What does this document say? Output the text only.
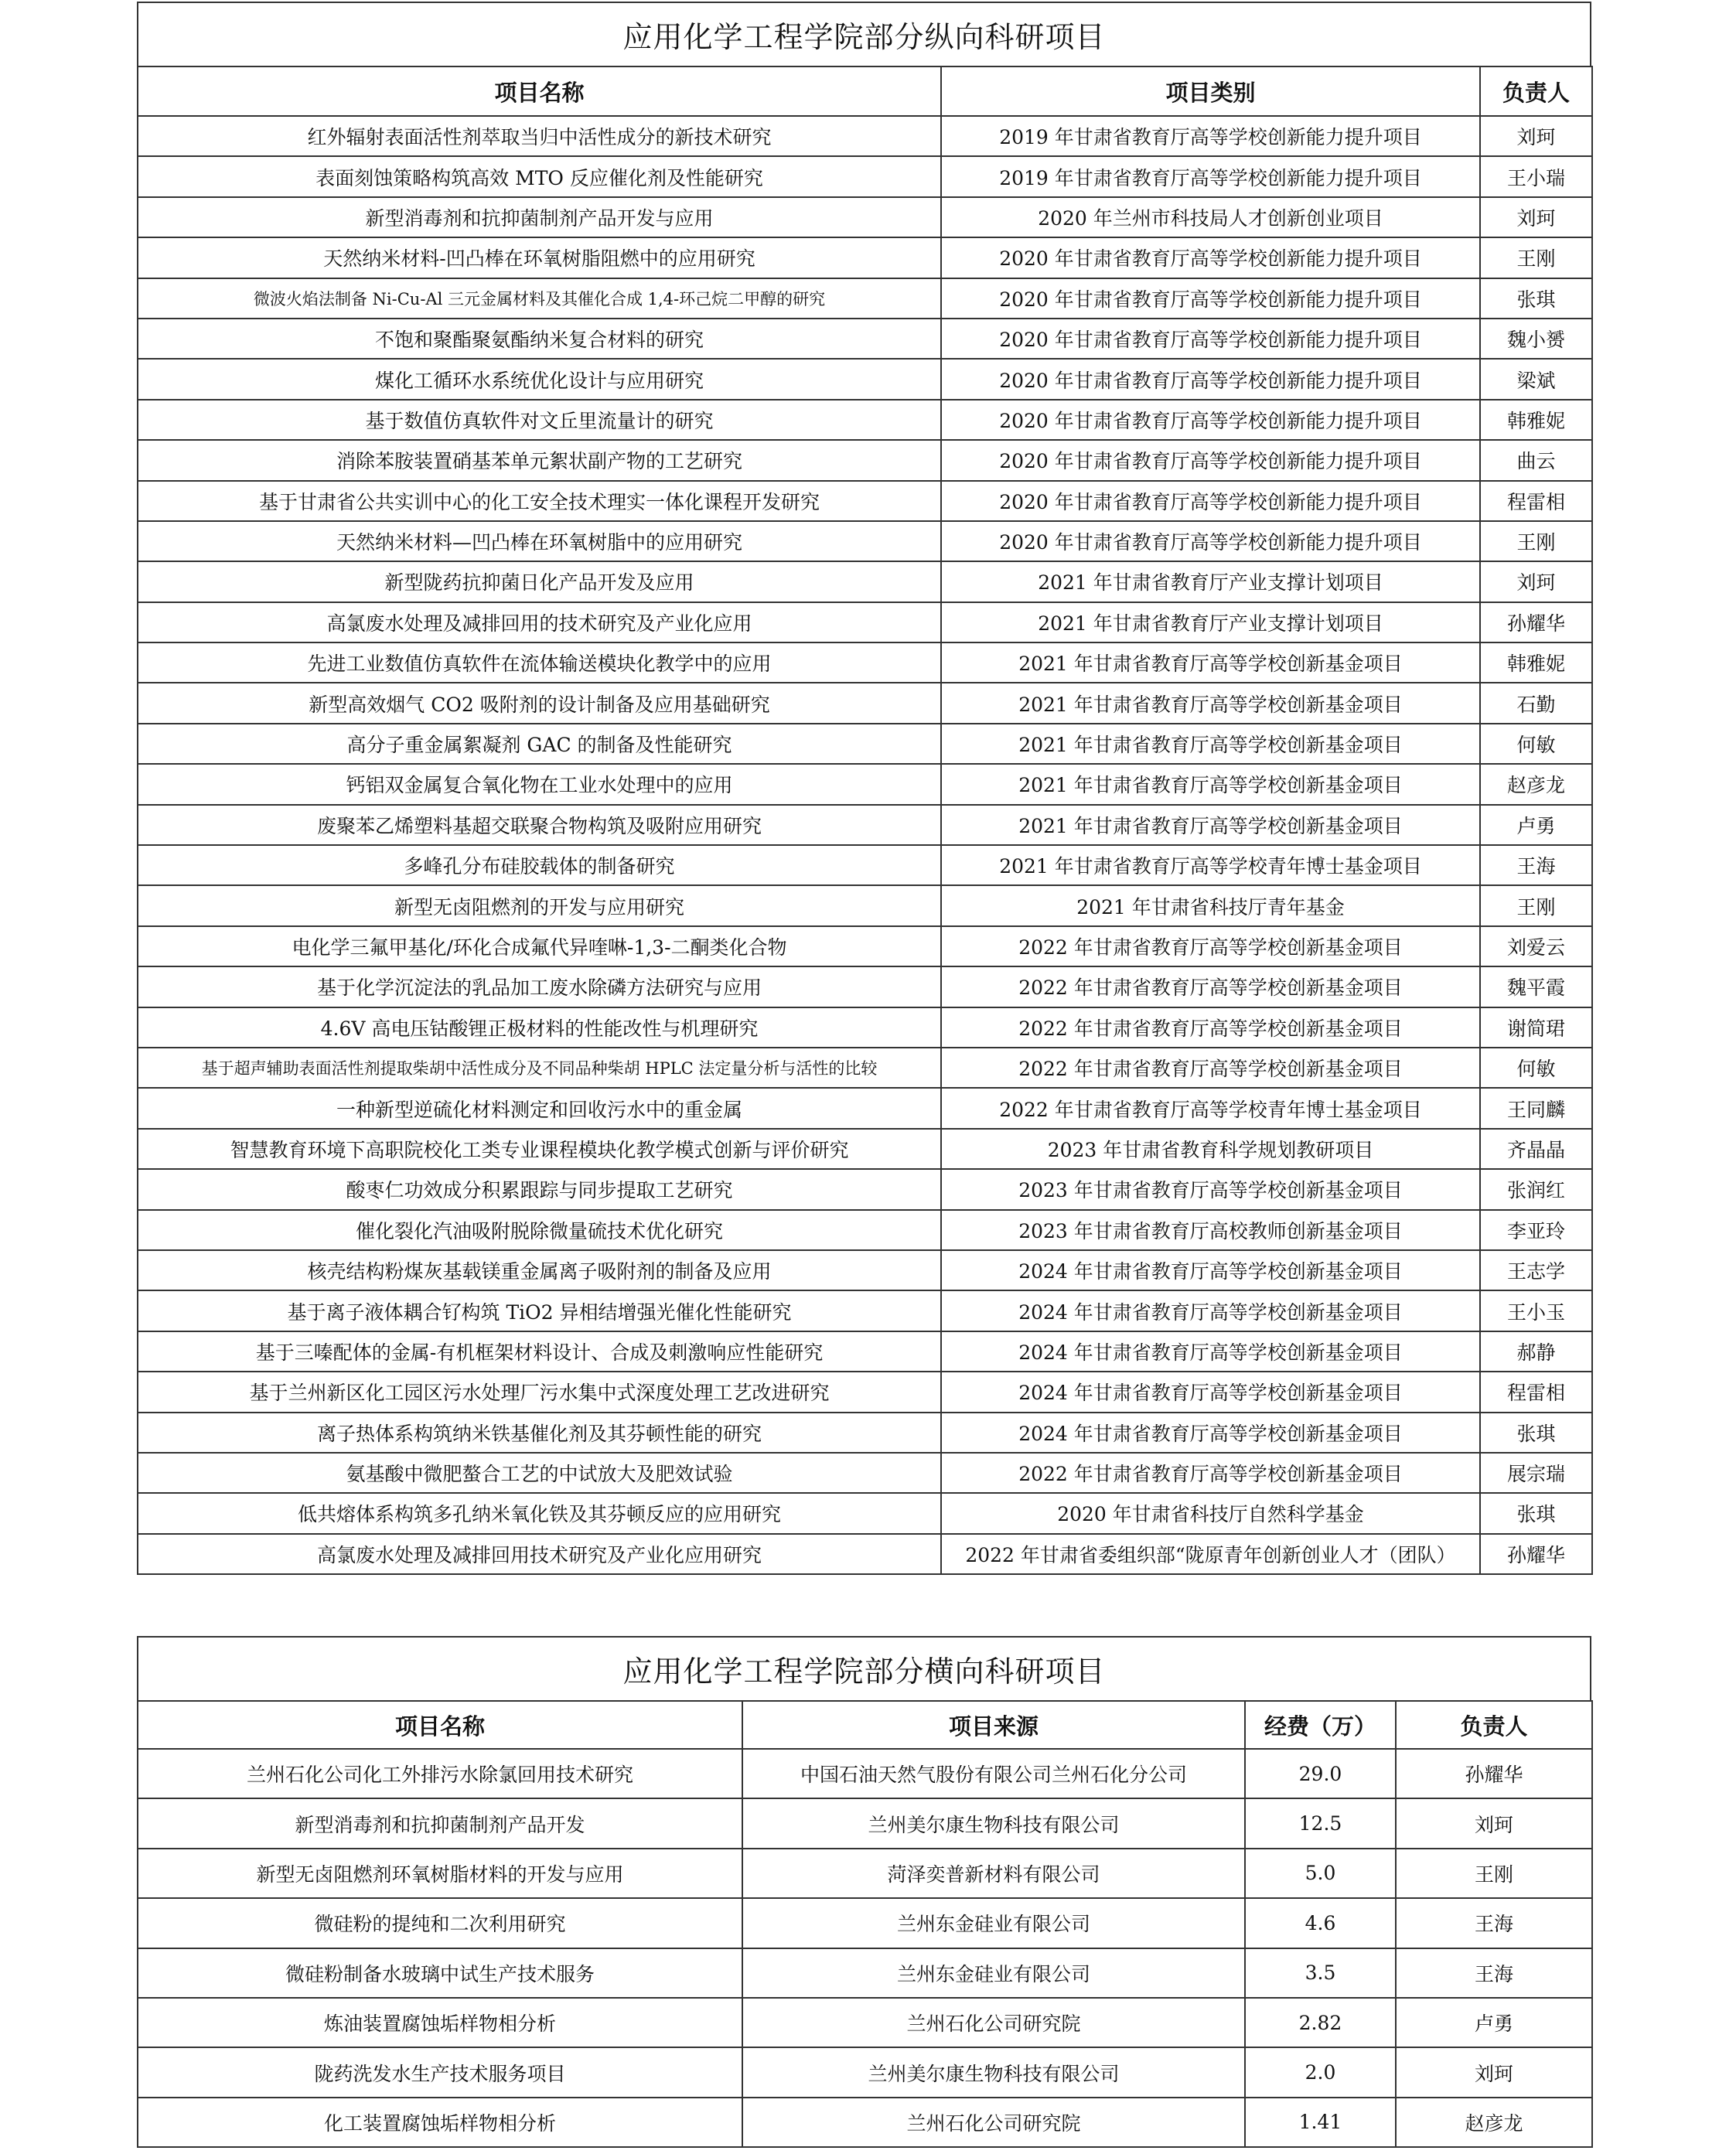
应用化学工程学院部分纵向科研项目
项目名称	项目类别	负责人
红外辐射表面活性剂萃取当归中活性成分的新技术研究	2019 年甘肃省教育厅高等学校创新能力提升项目	刘珂
表面刻蚀策略构筑高效 MTO 反应催化剂及性能研究	2019 年甘肃省教育厅高等学校创新能力提升项目	王小瑞
新型消毒剂和抗抑菌制剂产品开发与应用	2020 年兰州市科技局人才创新创业项目	刘珂
天然纳米材料-凹凸棒在环氧树脂阻燃中的应用研究	2020 年甘肃省教育厅高等学校创新能力提升项目	王刚
微波火焰法制备 Ni-Cu-Al 三元金属材料及其催化合成 1,4-环己烷二甲醇的研究	2020 年甘肃省教育厅高等学校创新能力提升项目	张琪
不饱和聚酯聚氨酯纳米复合材料的研究	2020 年甘肃省教育厅高等学校创新能力提升项目	魏小赟
煤化工循环水系统优化设计与应用研究	2020 年甘肃省教育厅高等学校创新能力提升项目	梁斌
基于数值仿真软件对文丘里流量计的研究	2020 年甘肃省教育厅高等学校创新能力提升项目	韩雅妮
消除苯胺装置硝基苯单元絮状副产物的工艺研究	2020 年甘肃省教育厅高等学校创新能力提升项目	曲云
基于甘肃省公共实训中心的化工安全技术理实一体化课程开发研究	2020 年甘肃省教育厅高等学校创新能力提升项目	程雷相
天然纳米材料—凹凸棒在环氧树脂中的应用研究	2020 年甘肃省教育厅高等学校创新能力提升项目	王刚
新型陇药抗抑菌日化产品开发及应用	2021 年甘肃省教育厅产业支撑计划项目	刘珂
高氯废水处理及减排回用的技术研究及产业化应用	2021 年甘肃省教育厅产业支撑计划项目	孙耀华
先进工业数值仿真软件在流体输送模块化教学中的应用	2021 年甘肃省教育厅高等学校创新基金项目	韩雅妮
新型高效烟气 CO2 吸附剂的设计制备及应用基础研究	2021 年甘肃省教育厅高等学校创新基金项目	石勤
高分子重金属絮凝剂 GAC 的制备及性能研究	2021 年甘肃省教育厅高等学校创新基金项目	何敏
钙铝双金属复合氧化物在工业水处理中的应用	2021 年甘肃省教育厅高等学校创新基金项目	赵彦龙
废聚苯乙烯塑料基超交联聚合物构筑及吸附应用研究	2021 年甘肃省教育厅高等学校创新基金项目	卢勇
多峰孔分布硅胶载体的制备研究	2021 年甘肃省教育厅高等学校青年博士基金项目	王海
新型无卤阻燃剂的开发与应用研究	2021 年甘肃省科技厅青年基金	王刚
电化学三氟甲基化/环化合成氟代异喹啉-1,3-二酮类化合物	2022 年甘肃省教育厅高等学校创新基金项目	刘爱云
基于化学沉淀法的乳品加工废水除磷方法研究与应用	2022 年甘肃省教育厅高等学校创新基金项目	魏平霞
4.6V 高电压钴酸锂正极材料的性能改性与机理研究	2022 年甘肃省教育厅高等学校创新基金项目	谢简珺
基于超声辅助表面活性剂提取柴胡中活性成分及不同品种柴胡 HPLC 法定量分析与活性的比较	2022 年甘肃省教育厅高等学校创新基金项目	何敏
一种新型逆硫化材料测定和回收污水中的重金属	2022 年甘肃省教育厅高等学校青年博士基金项目	王同麟
智慧教育环境下高职院校化工类专业课程模块化教学模式创新与评价研究	2023 年甘肃省教育科学规划教研项目	齐晶晶
酸枣仁功效成分积累跟踪与同步提取工艺研究	2023 年甘肃省教育厅高等学校创新基金项目	张润红
催化裂化汽油吸附脱除微量硫技术优化研究	2023 年甘肃省教育厅高校教师创新基金项目	李亚玲
核壳结构粉煤灰基载镁重金属离子吸附剂的制备及应用	2024 年甘肃省教育厅高等学校创新基金项目	王志学
基于离子液体耦合钌构筑 TiO2 异相结增强光催化性能研究	2024 年甘肃省教育厅高等学校创新基金项目	王小玉
基于三嗪配体的金属-有机框架材料设计、合成及刺激响应性能研究	2024 年甘肃省教育厅高等学校创新基金项目	郝静
基于兰州新区化工园区污水处理厂污水集中式深度处理工艺改进研究	2024 年甘肃省教育厅高等学校创新基金项目	程雷相
离子热体系构筑纳米铁基催化剂及其芬顿性能的研究	2024 年甘肃省教育厅高等学校创新基金项目	张琪
氨基酸中微肥螯合工艺的中试放大及肥效试验	2022 年甘肃省教育厅高等学校创新基金项目	展宗瑞
低共熔体系构筑多孔纳米氧化铁及其芬顿反应的应用研究	2020 年甘肃省科技厅自然科学基金	张琪
高氯废水处理及减排回用技术研究及产业化应用研究	2022 年甘肃省委组织部“陇原青年创新创业人才（团队）	孙耀华
应用化学工程学院部分横向科研项目
项目名称	项目来源	经费（万）	负责人
兰州石化公司化工外排污水除氯回用技术研究	中国石油天然气股份有限公司兰州石化分公司	29.0	孙耀华
新型消毒剂和抗抑菌制剂产品开发	兰州美尔康生物科技有限公司	12.5	刘珂
新型无卤阻燃剂环氧树脂材料的开发与应用	菏泽奕普新材料有限公司	5.0	王刚
微硅粉的提纯和二次利用研究	兰州东金硅业有限公司	4.6	王海
微硅粉制备水玻璃中试生产技术服务	兰州东金硅业有限公司	3.5	王海
炼油装置腐蚀垢样物相分析	兰州石化公司研究院	2.82	卢勇
陇药洗发水生产技术服务项目	兰州美尔康生物科技有限公司	2.0	刘珂
化工装置腐蚀垢样物相分析	兰州石化公司研究院	1.41	赵彦龙
